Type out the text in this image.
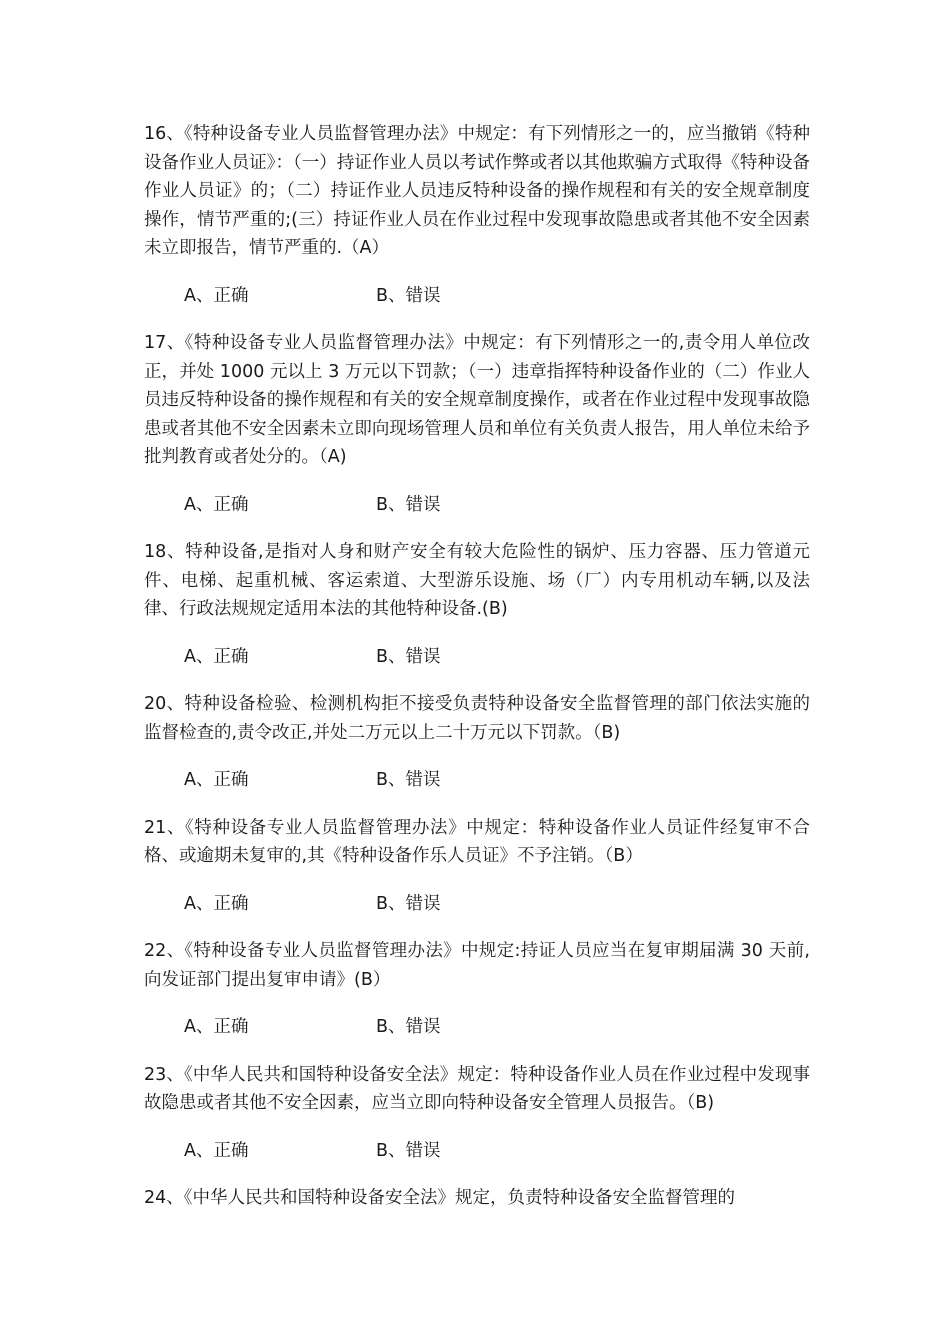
16、《特种设备专业人员监督管理办法》中规定：有下列情形之一的，应当撤销《特种设备作业人员证》：（一）持证作业人员以考试作弊或者以其他欺骗方式取得《特种设备作业人员证》的；（二）持证作业人员违反特种设备的操作规程和有关的安全规章制度操作，情节严重的;(三）持证作业人员在作业过程中发现事故隐患或者其他不安全因素未立即报告，情节严重的.（A）

A、正确	B、错误

17、《特种设备专业人员监督管理办法》中规定：有下列情形之一的,责令用人单位改正，并处 1000 元以上 3 万元以下罚款；（一）违章指挥特种设备作业的（二）作业人员违反特种设备的操作规程和有关的安全规章制度操作，或者在作业过程中发现事故隐患或者其他不安全因素未立即向现场管理人员和单位有关负责人报告，用人单位未给予批判教育或者处分的。（A)

A、正确	B、错误

18、特种设备,是指对人身和财产安全有较大危险性的锅炉、压力容器、压力管道元件、电梯、起重机械、客运索道、大型游乐设施、场（厂）内专用机动车辆,以及法律、行政法规规定适用本法的其他特种设备.(B)

A、正确	B、错误

20、特种设备检验、检测机构拒不接受负责特种设备安全监督管理的部门依法实施的监督检查的,责令改正,并处二万元以上二十万元以下罚款。（B)

A、正确	B、错误

21、《特种设备专业人员监督管理办法》中规定：特种设备作业人员证件经复审不合格、或逾期未复审的,其《特种设备作乐人员证》不予注销。（B）

A、正确	B、错误

22、《特种设备专业人员监督管理办法》中规定:持证人员应当在复审期届满 30 天前,向发证部门提出复审申请》(B）

A、正确	B、错误

23、《中华人民共和国特种设备安全法》规定：特种设备作业人员在作业过程中发现事故隐患或者其他不安全因素，应当立即向特种设备安全管理人员报告。（B)

A、正确	B、错误

24、《中华人民共和国特种设备安全法》规定，负责特种设备安全监督管理的
